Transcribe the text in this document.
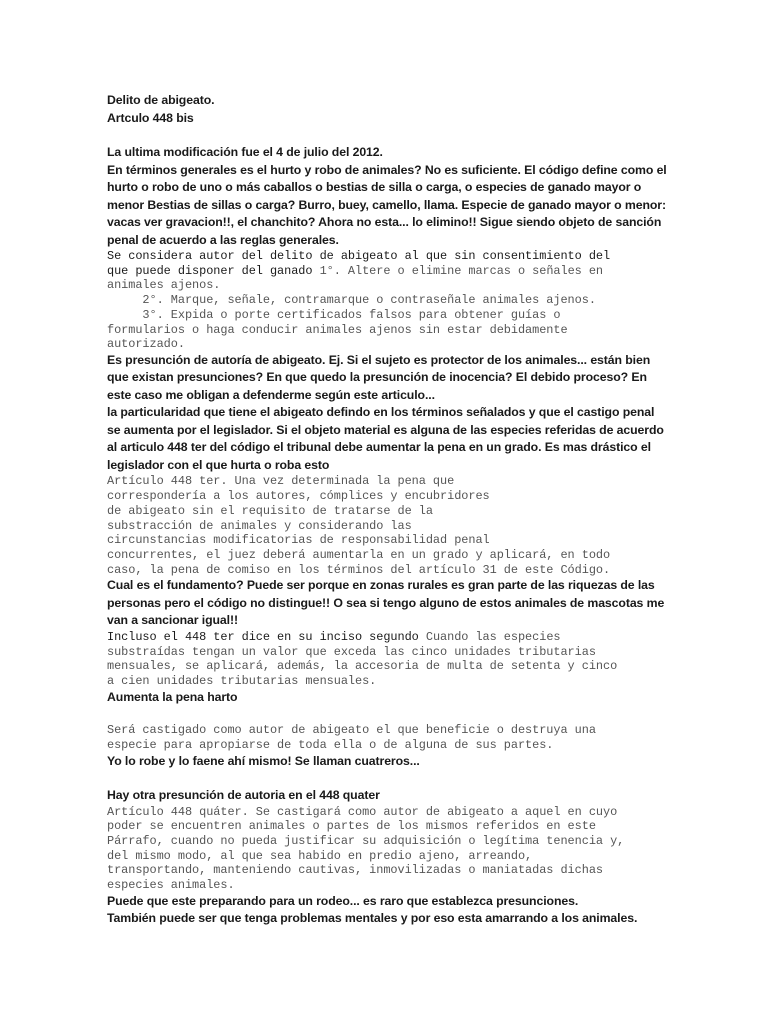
Delito de abigeato.
Artculo 448 bis
La ultima modificación fue el 4 de julio del 2012.
En términos generales es el hurto y robo de animales? No es suficiente. El código define como el hurto o robo de uno o más caballos o bestias de silla o carga, o especies de ganado mayor o menor Bestias de sillas o carga? Burro, buey, camello, llama. Especie de ganado mayor o menor: vacas ver gravacion!!, el chanchito? Ahora no esta... lo elimino!! Sigue siendo objeto de sanción penal de acuerdo a las reglas generales.
Se considera autor del delito de abigeato al que sin consentimiento del
que puede disponer del ganado 1°. Altere o elimine marcas o señales en
animales ajenos.
2°. Marque, señale, contramarque o contraseñale animales ajenos.
3°. Expida o porte certificados falsos para obtener guías o
formularios o haga conducir animales ajenos sin estar debidamente
autorizado.
Es presunción de autoría de abigeato. Ej. Si el sujeto es protector de los animales... están bien que existan presunciones? En que quedo la presunción de inocencia? El debido proceso? En este caso me obligan a defenderme según este articulo...
la particularidad que tiene el abigeato defindo en los términos señalados y que el castigo penal se aumenta por el legislador. Si el objeto material es alguna de las especies referidas de acuerdo al articulo 448 ter del código el tribunal debe aumentar la pena en un grado. Es mas drástico el legislador con el que hurta o roba esto
Artículo 448 ter. Una vez determinada la pena que
correspondería a los autores, cómplices y encubridores
de abigeato sin el requisito de tratarse de la
substracción de animales y considerando las
circunstancias modificatorias de responsabilidad penal
concurrentes, el juez deberá aumentarla en un grado y aplicará, en todo
caso, la pena de comiso en los términos del artículo 31 de este Código.
Cual es el fundamento? Puede ser porque en zonas rurales es gran parte de las riquezas de las personas pero el código no distingue!! O sea si tengo alguno de estos animales de mascotas me van a sancionar igual!!
Incluso el 448 ter dice en su inciso segundo Cuando las especies
substraídas tengan un valor que exceda las cinco unidades tributarias
mensuales, se aplicará, además, la accesoria de multa de setenta y cinco
a cien unidades tributarias mensuales.
Aumenta la pena harto
Será castigado como autor de abigeato el que beneficie o destruya una
especie para apropiarse de toda ella o de alguna de sus partes.
Yo lo robe y lo faene ahí mismo! Se llaman cuatreros...
Hay otra presunción de autoria en el 448 quater
Artículo 448 quáter. Se castigará como autor de abigeato a aquel en cuyo
poder se encuentren animales o partes de los mismos referidos en este
Párrafo, cuando no pueda justificar su adquisición o legítima tenencia y,
del mismo modo, al que sea habido en predio ajeno, arreando,
transportando, manteniendo cautivas, inmovilizadas o maniatadas dichas
especies animales.
Puede que este preparando para un rodeo... es raro que establezca presunciones.
También puede ser que tenga problemas mentales y por eso esta amarrando a los animales.
